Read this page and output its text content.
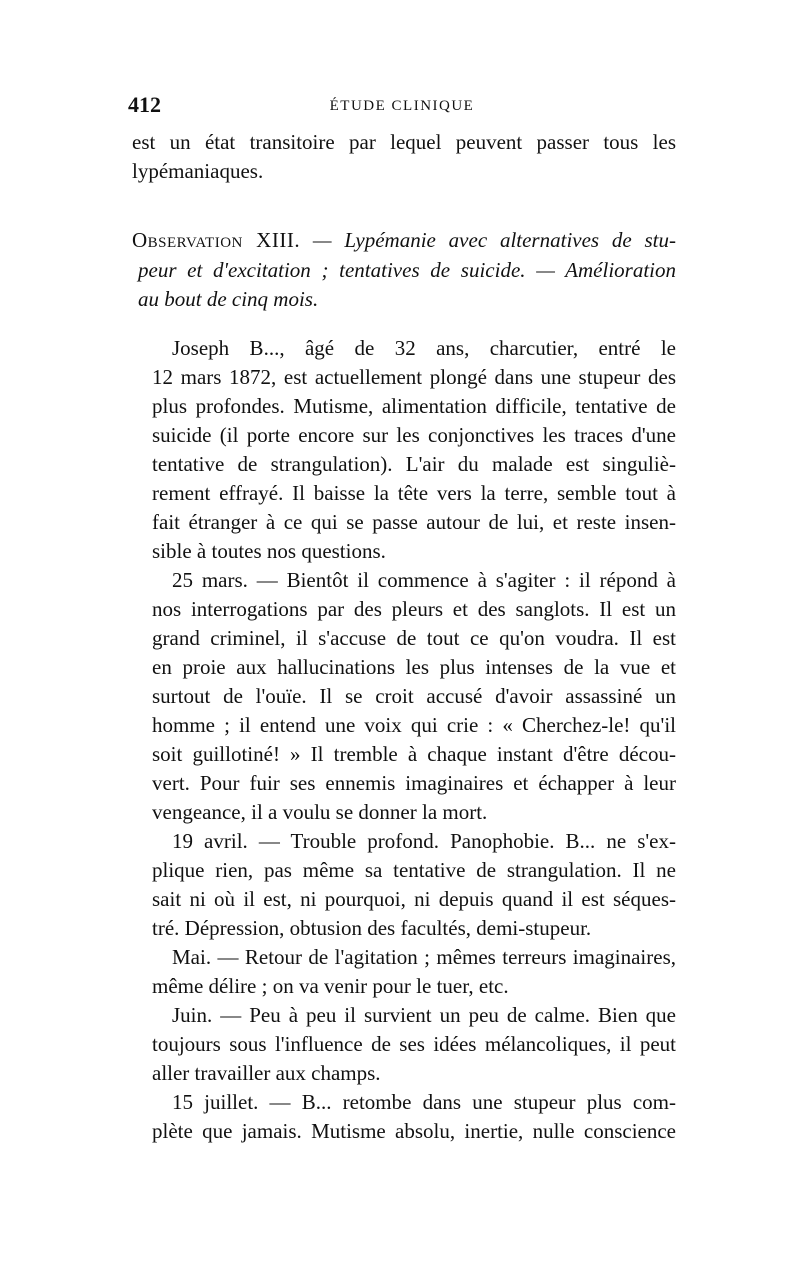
412	ÉTUDE CLINIQUE
est un état transitoire par lequel peuvent passer tous les
lypémaniaques.
Observation XIII. — Lypémanie avec alternatives de stu-
peur et d'excitation ; tentatives de suicide. — Amélioration
au bout de cinq mois.
Joseph B..., âgé de 32 ans, charcutier, entré le
12 mars 1872, est actuellement plongé dans une stupeur des
plus profondes. Mutisme, alimentation difficile, tentative de
suicide (il porte encore sur les conjonctives les traces d'une
tentative de strangulation). L'air du malade est singuliè-
rement effrayé. Il baisse la tête vers la terre, semble tout à
fait étranger à ce qui se passe autour de lui, et reste insen-
sible à toutes nos questions.
25 mars. — Bientôt il commence à s'agiter : il répond à
nos interrogations par des pleurs et des sanglots. Il est un
grand criminel, il s'accuse de tout ce qu'on voudra. Il est
en proie aux hallucinations les plus intenses de la vue et
surtout de l'ouïe. Il se croit accusé d'avoir assassiné un
homme ; il entend une voix qui crie : « Cherchez-le! qu'il
soit guillotiné! » Il tremble à chaque instant d'être décou-
vert. Pour fuir ses ennemis imaginaires et échapper à leur
vengeance, il a voulu se donner la mort.
19 avril. — Trouble profond. Panophobie. B... ne s'ex-
plique rien, pas même sa tentative de strangulation. Il ne
sait ni où il est, ni pourquoi, ni depuis quand il est séques-
tré. Dépression, obtusion des facultés, demi-stupeur.
Mai. — Retour de l'agitation ; mêmes terreurs imaginaires,
même délire ; on va venir pour le tuer, etc.
Juin. — Peu à peu il survient un peu de calme. Bien que
toujours sous l'influence de ses idées mélancoliques, il peut
aller travailler aux champs.
15 juillet. — B... retombe dans une stupeur plus com-
plète que jamais. Mutisme absolu, inertie, nulle conscience
